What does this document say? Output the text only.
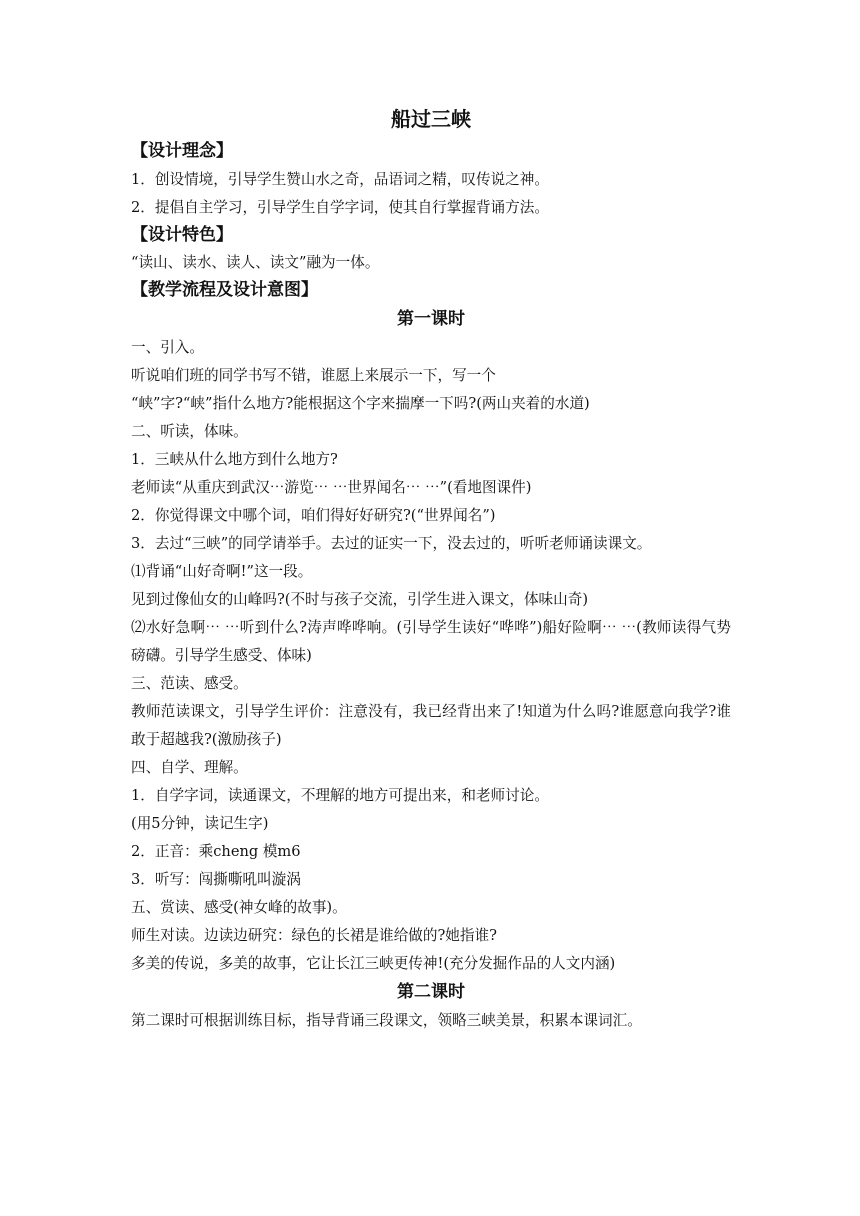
船过三峡
【设计理念】

1．创设情境，引导学生赞山水之奇，品语词之精，叹传说之神。

2．提倡自主学习，引导学生自学字词，使其自行掌握背诵方法。

【设计特色】

“读山、读水、读人、读文”融为一体。

【教学流程及设计意图】
第一课时

一、引入。

听说咱们班的同学书写不错，谁愿上来展示一下，写一个

“峡”字?“峡”指什么地方?能根据这个字来揣摩一下吗?(两山夹着的水道)

二、听读，体味。

1．三峡从什么地方到什么地方?

老师读“从重庆到武汉⋯游览⋯ ⋯世界闻名⋯ ⋯”(看地图课件)

2．你觉得课文中哪个词，咱们得好好研究?(“世界闻名”)

3．去过“三峡”的同学请举手。去过的证实一下，没去过的，听听老师诵读课文。

⑴背诵“山好奇啊!”这一段。

见到过像仙女的山峰吗?(不时与孩子交流，引学生进入课文，体味山奇)

⑵水好急啊⋯ ⋯听到什么?涛声哗哗响。(引导学生读好“哗哗”)船好险啊⋯ ⋯(教师读得气势磅礴。引导学生感受、体味)

三、范读、感受。

教师范读课文，引导学生评价：注意没有，我已经背出来了!知道为什么吗?谁愿意向我学?谁敢于超越我?(激励孩子)

四、自学、理解。

1．自学字词，读通课文，不理解的地方可提出来，和老师讨论。

(用5分钟，读记生字)

2．正音：乘cheng 模m6

3．听写：闯撕嘶吼叫漩涡

五、赏读、感受(神女峰的故事)。

师生对读。边读边研究：绿色的长裙是谁给做的?她指谁?

多美的传说，多美的故事，它让长江三峡更传神!(充分发掘作品的人文内涵)

第二课时

第二课时可根据训练目标，指导背诵三段课文，领略三峡美景，积累本课词汇。
